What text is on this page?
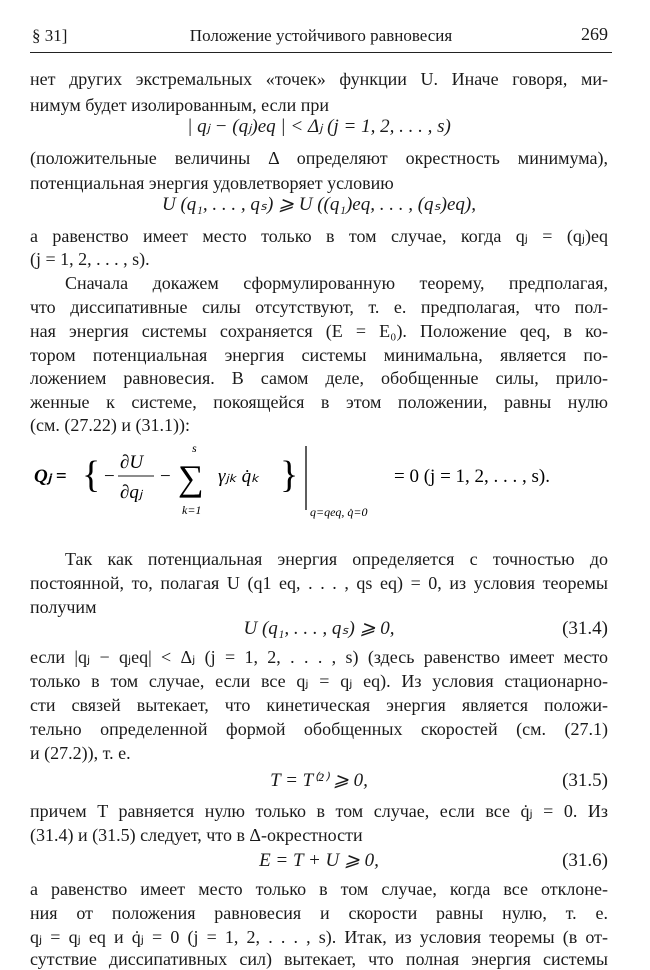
§ 31]	Положение устойчивого равновесия	269
нет других экстремальных «точек» функции U. Иначе говоря, ми-
нимум будет изолированным, если при
| qⱼ − (qⱼ)eq | < Δⱼ (j = 1, 2, . . . , s)
(положительные величины Δ определяют окрестность минимума),
потенциальная энергия удовлетворяет условию
U (q₁, . . . , qₛ) ⩾ U ((q₁)eq, . . . , (qₛ)eq),
а равенство имеет место только в том случае, когда qⱼ = (qⱼ)eq
(j = 1, 2, . . . , s).
Сначала докажем сформулированную теорему, предполагая,
что диссипативные силы отсутствуют, т. е. предполагая, что пол-
ная энергия системы сохраняется (E = E₀). Положение qeq, в ко-
тором потенциальная энергия системы минимальна, является по-
ложением равновесия. В самом деле, обобщенные силы, прило-
женные к системе, покоящейся в этом положении, равны нулю
(см. (27.22) и (31.1)):
Qⱼ = { −
∂U
∂qⱼ
−
s
∑
k=1
γⱼₖ q̇ₖ }
q=qeq, q̇=0
= 0 (j = 1, 2, . . . , s).
Так как потенциальная энергия определяется с точностью до
постоянной, то, полагая U (q1 eq, . . . , qs eq) = 0, из условия теоремы
получим
U (q₁, . . . , qₛ) ⩾ 0,	(31.4)
если |qⱼ − qⱼeq| < Δⱼ (j = 1, 2, . . . , s) (здесь равенство имеет место
только в том случае, если все qⱼ = qⱼ eq). Из условия стационарно-
сти связей вытекает, что кинетическая энергия является положи-
тельно определенной формой обобщенных скоростей (см. (27.1)
и (27.2)), т. е.
T = T⁽²⁾ ⩾ 0,	(31.5)
причем T равняется нулю только в том случае, если все q̇ⱼ = 0. Из
(31.4) и (31.5) следует, что в Δ-окрестности
E = T + U ⩾ 0,	(31.6)
а равенство имеет место только в том случае, когда все отклоне-
ния от положения равновесия и скорости равны нулю, т. е.
qⱼ = qⱼ eq и q̇ⱼ = 0 (j = 1, 2, . . . , s). Итак, из условия теоремы (в от-
сутствие диссипативных сил) вытекает, что полная энергия системы
